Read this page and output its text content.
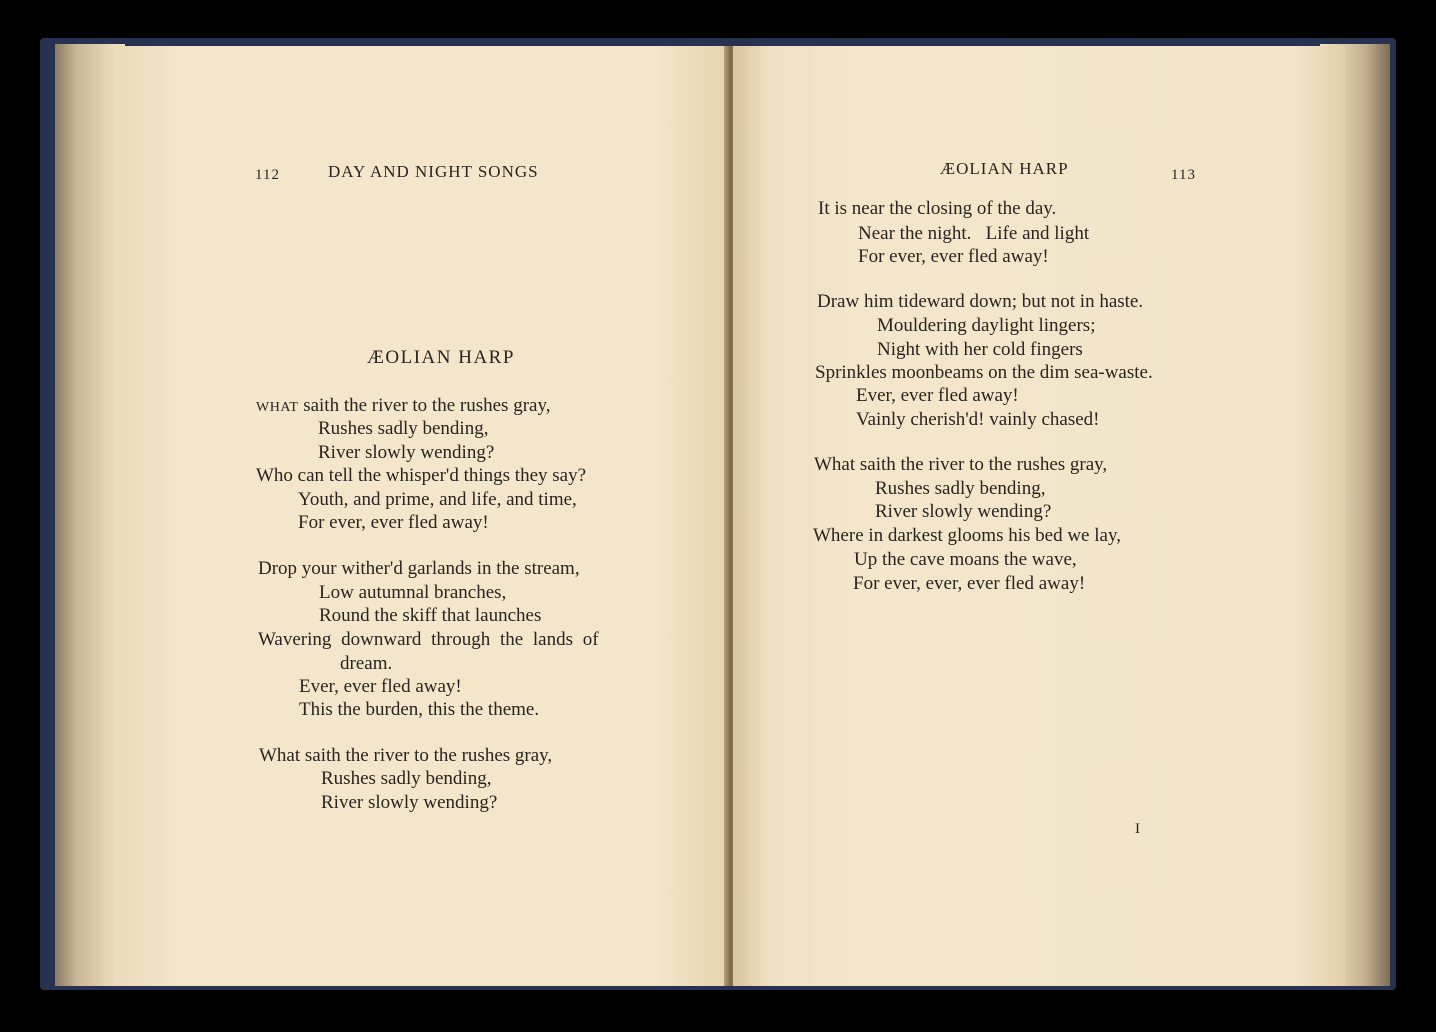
112	DAY AND NIGHT SONGS
ÆOLIAN HARP
WHAT saith the river to the rushes gray,
Rushes sadly bending,
River slowly wending?
Who can tell the whisper'd things they say?
Youth, and prime, and life, and time,
For ever, ever fled away!
Drop your wither'd garlands in the stream,
Low autumnal branches,
Round the skiff that launches
Wavering downward through the lands of
dream.
Ever, ever fled away!
This the burden, this the theme.
What saith the river to the rushes gray,
Rushes sadly bending,
River slowly wending?
ÆOLIAN HARP	113
It is near the closing of the day.
Near the night.   Life and light
For ever, ever fled away!
Draw him tideward down; but not in haste.
Mouldering daylight lingers;
Night with her cold fingers
Sprinkles moonbeams on the dim sea-waste.
Ever, ever fled away!
Vainly cherish'd! vainly chased!
What saith the river to the rushes gray,
Rushes sadly bending,
River slowly wending?
Where in darkest glooms his bed we lay,
Up the cave moans the wave,
For ever, ever, ever fled away!
I
